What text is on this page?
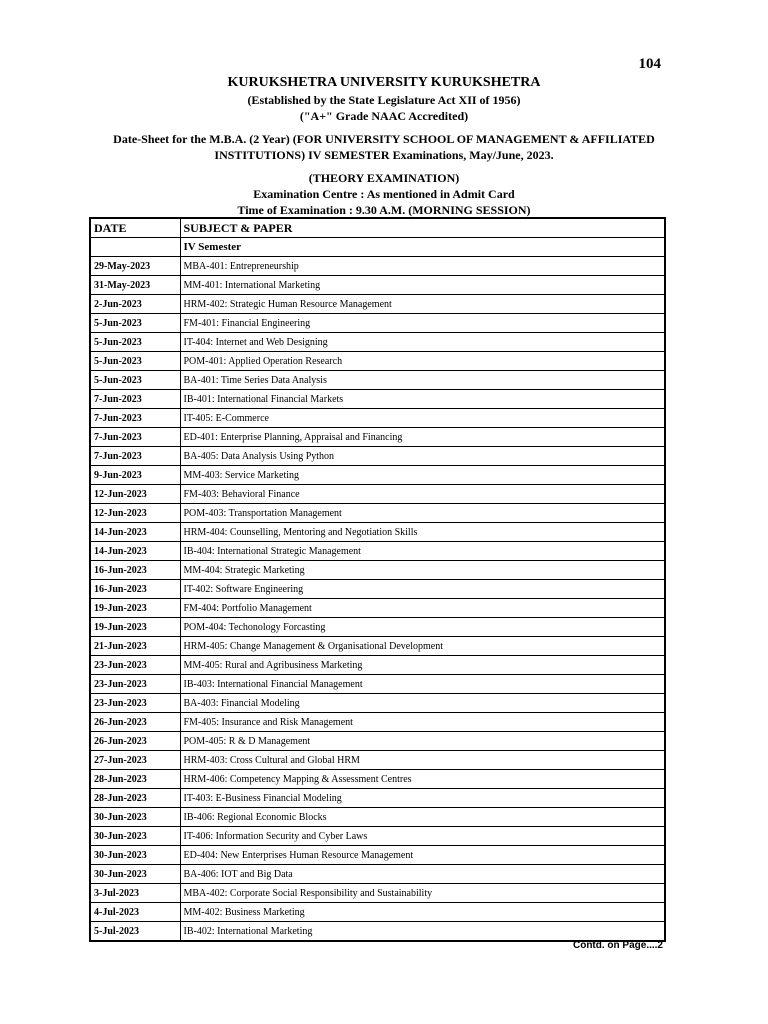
104
KURUKSHETRA UNIVERSITY KURUKSHETRA
(Established by the State Legislature Act XII of 1956)
("A+" Grade NAAC Accredited)
Date-Sheet for the M.B.A. (2 Year) (FOR UNIVERSITY SCHOOL OF MANAGEMENT & AFFILIATED
INSTITUTIONS) IV SEMESTER Examinations, May/June, 2023.
(THEORY EXAMINATION)
Examination Centre : As mentioned in Admit Card
Time of Examination : 9.30 A.M. (MORNING SESSION)
DATE	SUBJECT & PAPER
	IV Semester
29-May-2023	MBA-401: Entrepreneurship
31-May-2023	MM-401: International Marketing
2-Jun-2023	HRM-402: Strategic Human Resource Management
5-Jun-2023	FM-401: Financial Engineering
5-Jun-2023	IT-404: Internet and Web Designing
5-Jun-2023	POM-401: Applied Operation Research
5-Jun-2023	BA-401: Time Series Data Analysis
7-Jun-2023	IB-401: International Financial Markets
7-Jun-2023	IT-405: E-Commerce
7-Jun-2023	ED-401: Enterprise Planning, Appraisal and Financing
7-Jun-2023	BA-405: Data Analysis Using Python
9-Jun-2023	MM-403: Service Marketing
12-Jun-2023	FM-403: Behavioral Finance
12-Jun-2023	POM-403: Transportation Management
14-Jun-2023	HRM-404: Counselling, Mentoring and Negotiation Skills
14-Jun-2023	IB-404: International Strategic Management
16-Jun-2023	MM-404: Strategic Marketing
16-Jun-2023	IT-402: Software Engineering
19-Jun-2023	FM-404: Portfolio Management
19-Jun-2023	POM-404: Techonology Forcasting
21-Jun-2023	HRM-405: Change Management & Organisational Development
23-Jun-2023	MM-405: Rural and Agribusiness Marketing
23-Jun-2023	IB-403: International Financial Management
23-Jun-2023	BA-403: Financial Modeling
26-Jun-2023	FM-405: Insurance and Risk Management
26-Jun-2023	POM-405: R & D Management
27-Jun-2023	HRM-403: Cross Cultural and Global HRM
28-Jun-2023	HRM-406: Competency Mapping & Assessment Centres
28-Jun-2023	IT-403: E-Business Financial Modeling
30-Jun-2023	IB-406: Regional Economic Blocks
30-Jun-2023	IT-406: Information Security and Cyber Laws
30-Jun-2023	ED-404: New Enterprises Human Resource Management
30-Jun-2023	BA-406: IOT and Big Data
3-Jul-2023	MBA-402: Corporate Social Responsibility and Sustainability
4-Jul-2023	MM-402: Business Marketing
5-Jul-2023	IB-402: International Marketing
Contd. on Page....2
